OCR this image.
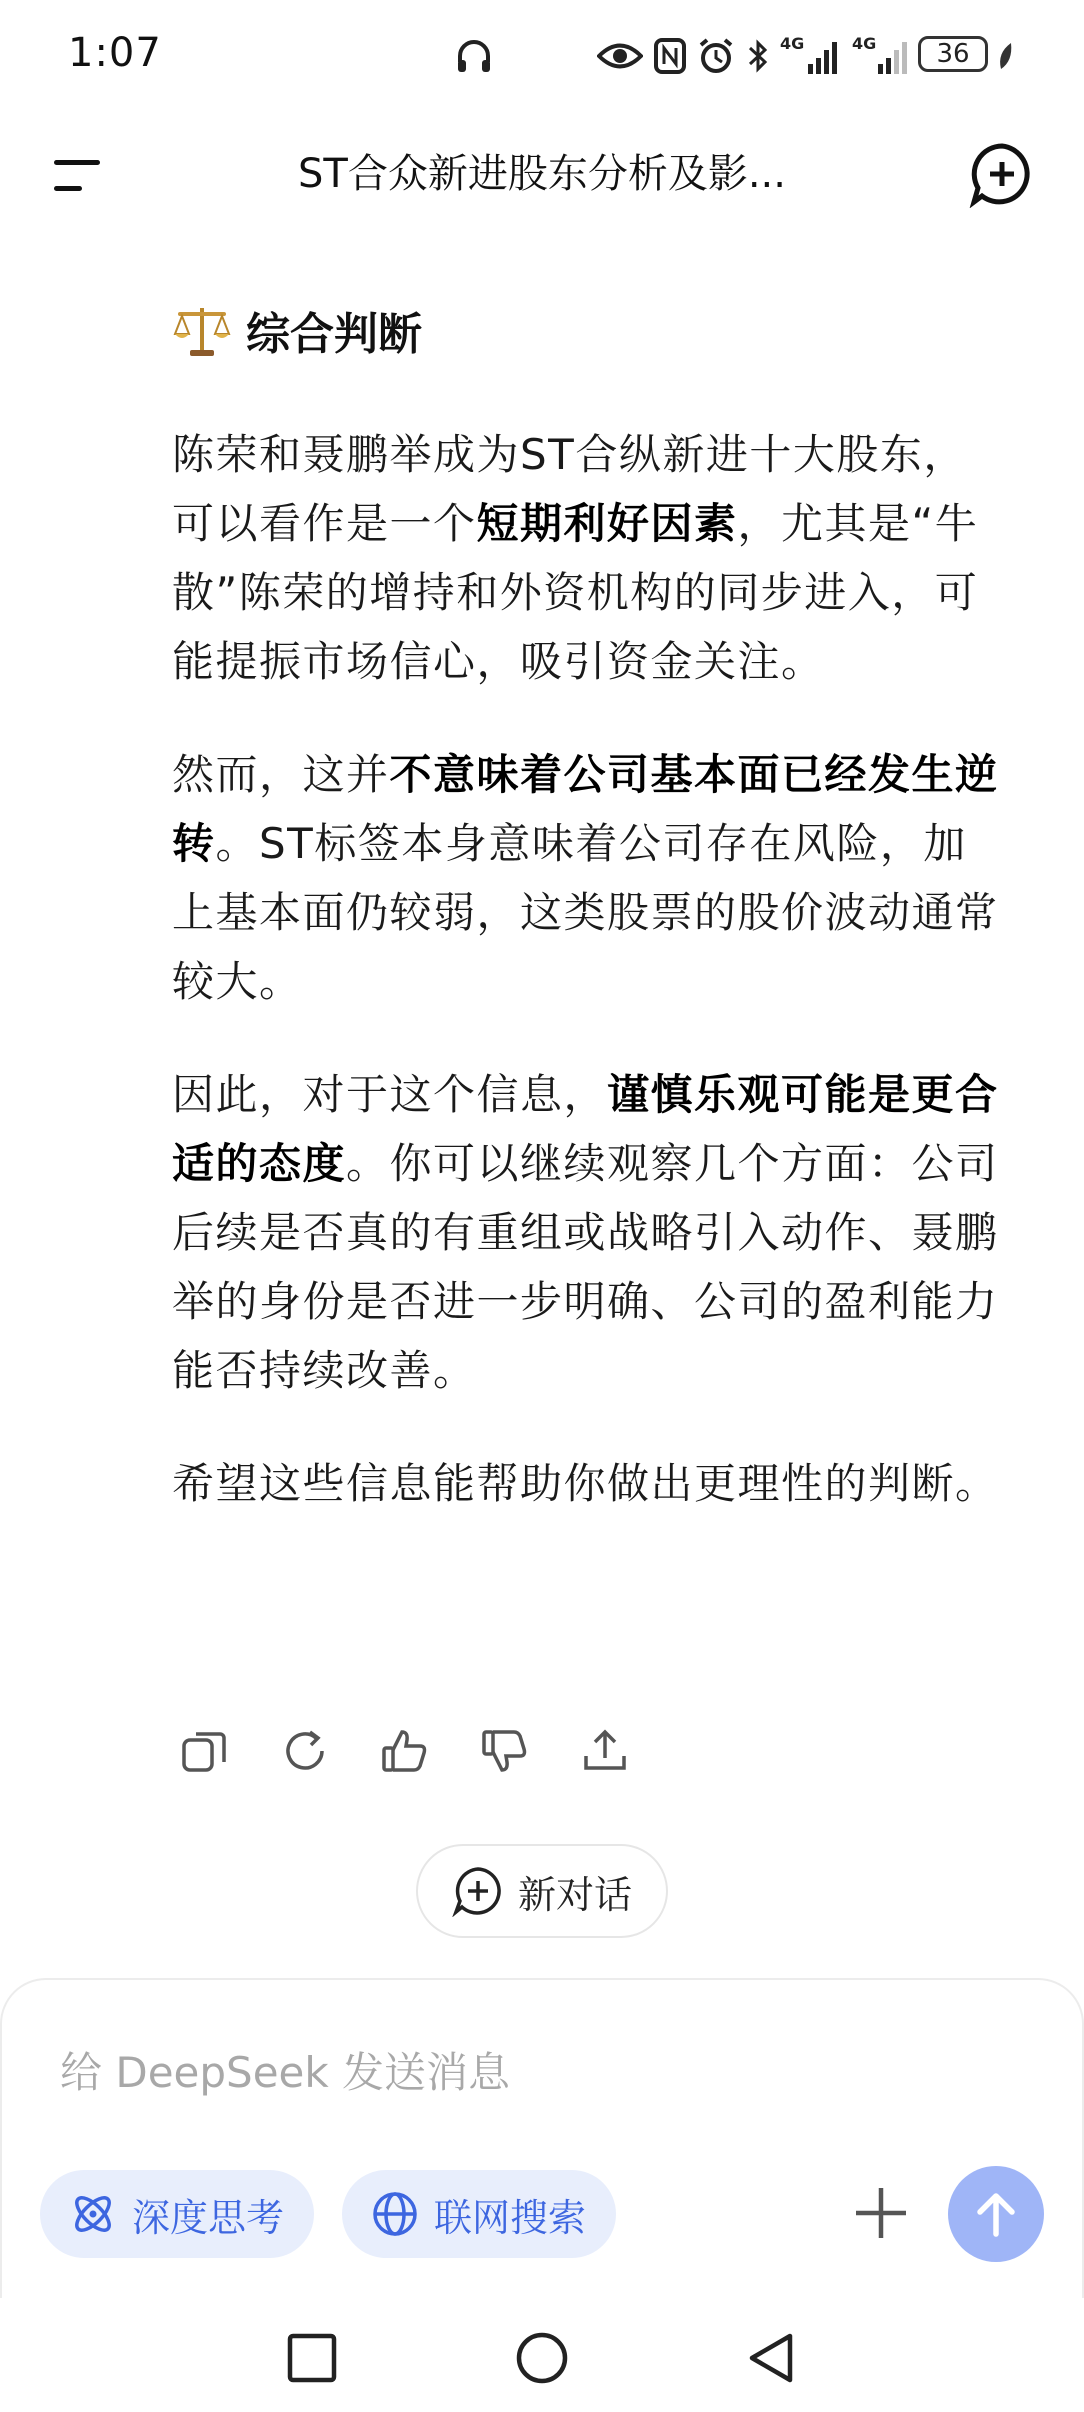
1:07	4G	4G 36
ST合众新进股东分析及影...
综合判断

陈荣和聂鹏举成为ST合纵新进十大股东，可以看作是一个短期利好因素，尤其是“牛散”陈荣的增持和外资机构的同步进入，可能提振市场信心，吸引资金关注。

然而，这并不意味着公司基本面已经发生逆转。ST标签本身意味着公司存在风险，加上基本面仍较弱，这类股票的股价波动通常较大。

因此，对于这个信息，谨慎乐观可能是更合适的态度。你可以继续观察几个方面：公司后续是否真的有重组或战略引入动作、聂鹏举的身份是否进一步明确、公司的盈利能力能否持续改善。

希望这些信息能帮助你做出更理性的判断。

新对话
给 DeepSeek 发送消息
深度思考	联网搜索
